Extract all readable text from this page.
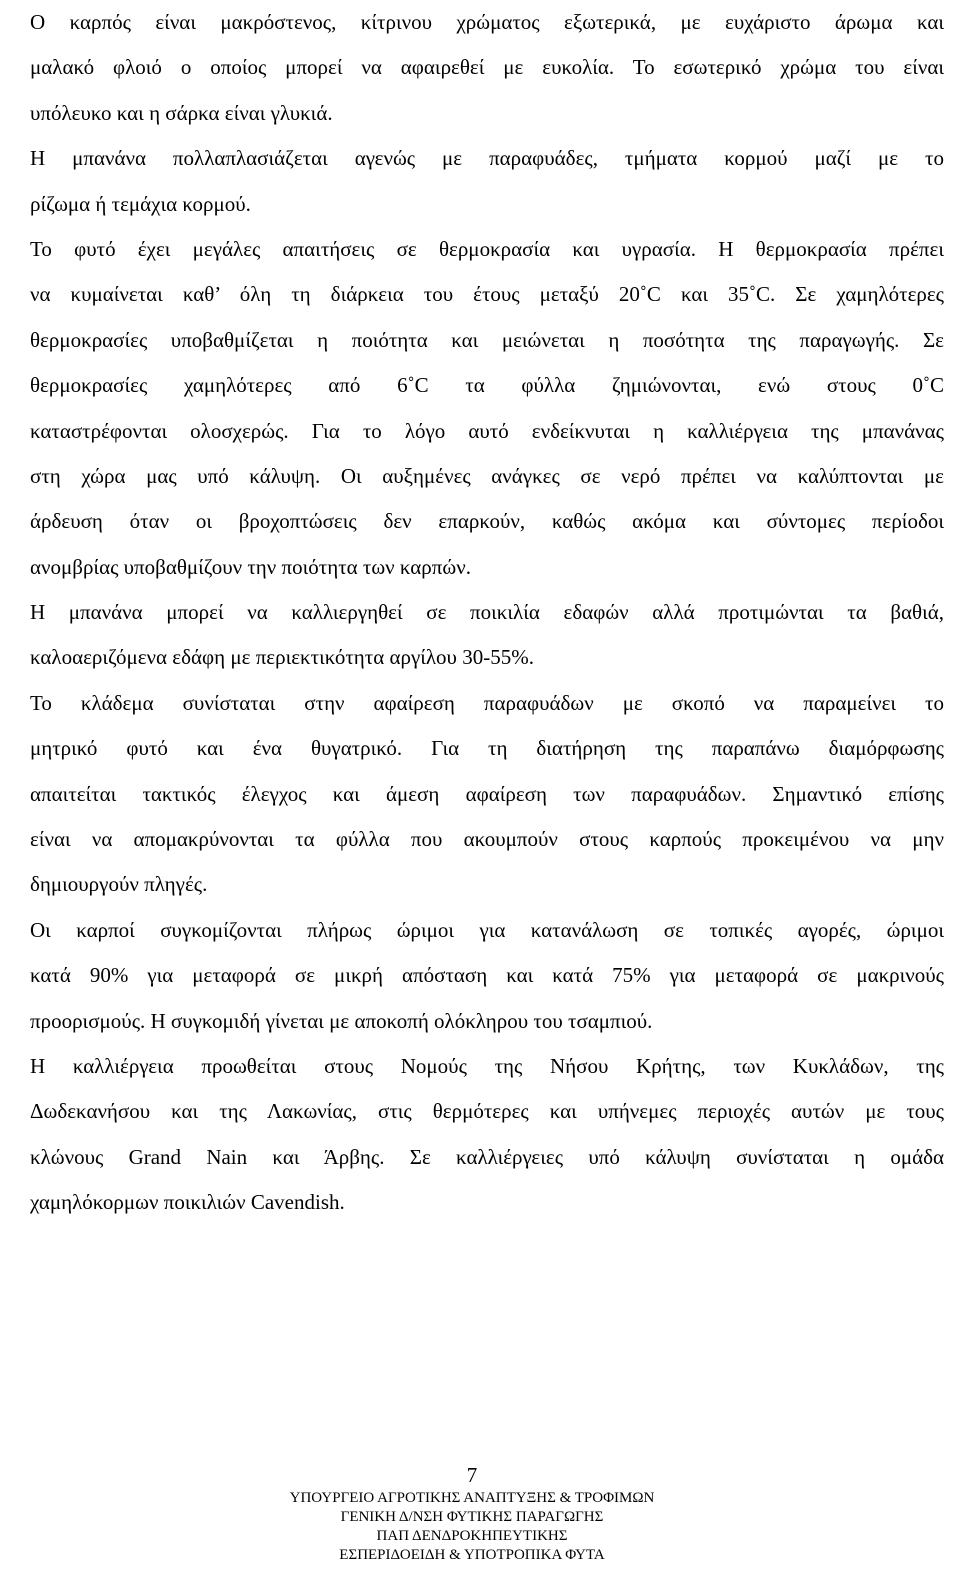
Ο καρπός είναι μακρόστενος, κίτρινου χρώματος εξωτερικά, με ευχάριστο άρωμα και
μαλακό φλοιό ο οποίος μπορεί να αφαιρεθεί με ευκολία. Το εσωτερικό χρώμα του είναι
υπόλευκο και η σάρκα είναι γλυκιά.
Η μπανάνα πολλαπλασιάζεται αγενώς με παραφυάδες, τμήματα κορμού μαζί με το
ρίζωμα ή τεμάχια κορμού.
Το φυτό έχει μεγάλες απαιτήσεις σε θερμοκρασία και υγρασία. Η θερμοκρασία πρέπει
να κυμαίνεται καθ’ όλη τη διάρκεια του έτους μεταξύ 20˚C και 35˚C. Σε χαμηλότερες
θερμοκρασίες υποβαθμίζεται η ποιότητα και μειώνεται η ποσότητα της παραγωγής. Σε
θερμοκρασίες χαμηλότερες από 6˚C τα φύλλα ζημιώνονται, ενώ στους 0˚C
καταστρέφονται ολοσχερώς. Για το λόγο αυτό ενδείκνυται η καλλιέργεια της μπανάνας
στη χώρα μας υπό κάλυψη. Οι αυξημένες ανάγκες σε νερό πρέπει να καλύπτονται με
άρδευση όταν οι βροχοπτώσεις δεν επαρκούν, καθώς ακόμα και σύντομες περίοδοι
ανομβρίας υποβαθμίζουν την ποιότητα των καρπών.
Η μπανάνα μπορεί να καλλιεργηθεί σε ποικιλία εδαφών αλλά προτιμώνται τα βαθιά,
καλοαεριζόμενα εδάφη με περιεκτικότητα αργίλου 30-55%.
Το κλάδεμα συνίσταται στην αφαίρεση παραφυάδων με σκοπό να παραμείνει το
μητρικό φυτό και ένα θυγατρικό. Για τη διατήρηση της παραπάνω διαμόρφωσης
απαιτείται τακτικός έλεγχος και άμεση αφαίρεση των παραφυάδων. Σημαντικό επίσης
είναι να απομακρύνονται τα φύλλα που ακουμπούν στους καρπούς προκειμένου να μην
δημιουργούν πληγές.
Οι καρποί συγκομίζονται πλήρως ώριμοι για κατανάλωση σε τοπικές αγορές, ώριμοι
κατά 90% για μεταφορά σε μικρή απόσταση και κατά 75% για μεταφορά σε μακρινούς
προορισμούς. Η συγκομιδή γίνεται με αποκοπή ολόκληρου του τσαμπιού.
Η καλλιέργεια προωθείται στους Νομούς της Νήσου Κρήτης, των Κυκλάδων, της
Δωδεκανήσου και της Λακωνίας, στις θερμότερες και υπήνεμες περιοχές αυτών με τους
κλώνους Grand Nain και Άρβης. Σε καλλιέργειες υπό κάλυψη συνίσταται η ομάδα
χαμηλόκορμων ποικιλιών Cavendish.
7
ΥΠΟΥΡΓΕΙΟ ΑΓΡΟΤΙΚΗΣ ΑΝΑΠΤΥΞΗΣ & ΤΡΟΦΙΜΩΝ
ΓΕΝΙΚΗ Δ/ΝΣΗ ΦΥΤΙΚΗΣ ΠΑΡΑΓΩΓΗΣ
ΠΑΠ ΔΕΝΔΡΟΚΗΠΕΥΤΙΚΗΣ
ΕΣΠΕΡΙΔΟΕΙΔΗ & ΥΠΟΤΡΟΠΙΚΑ ΦΥΤΑ
